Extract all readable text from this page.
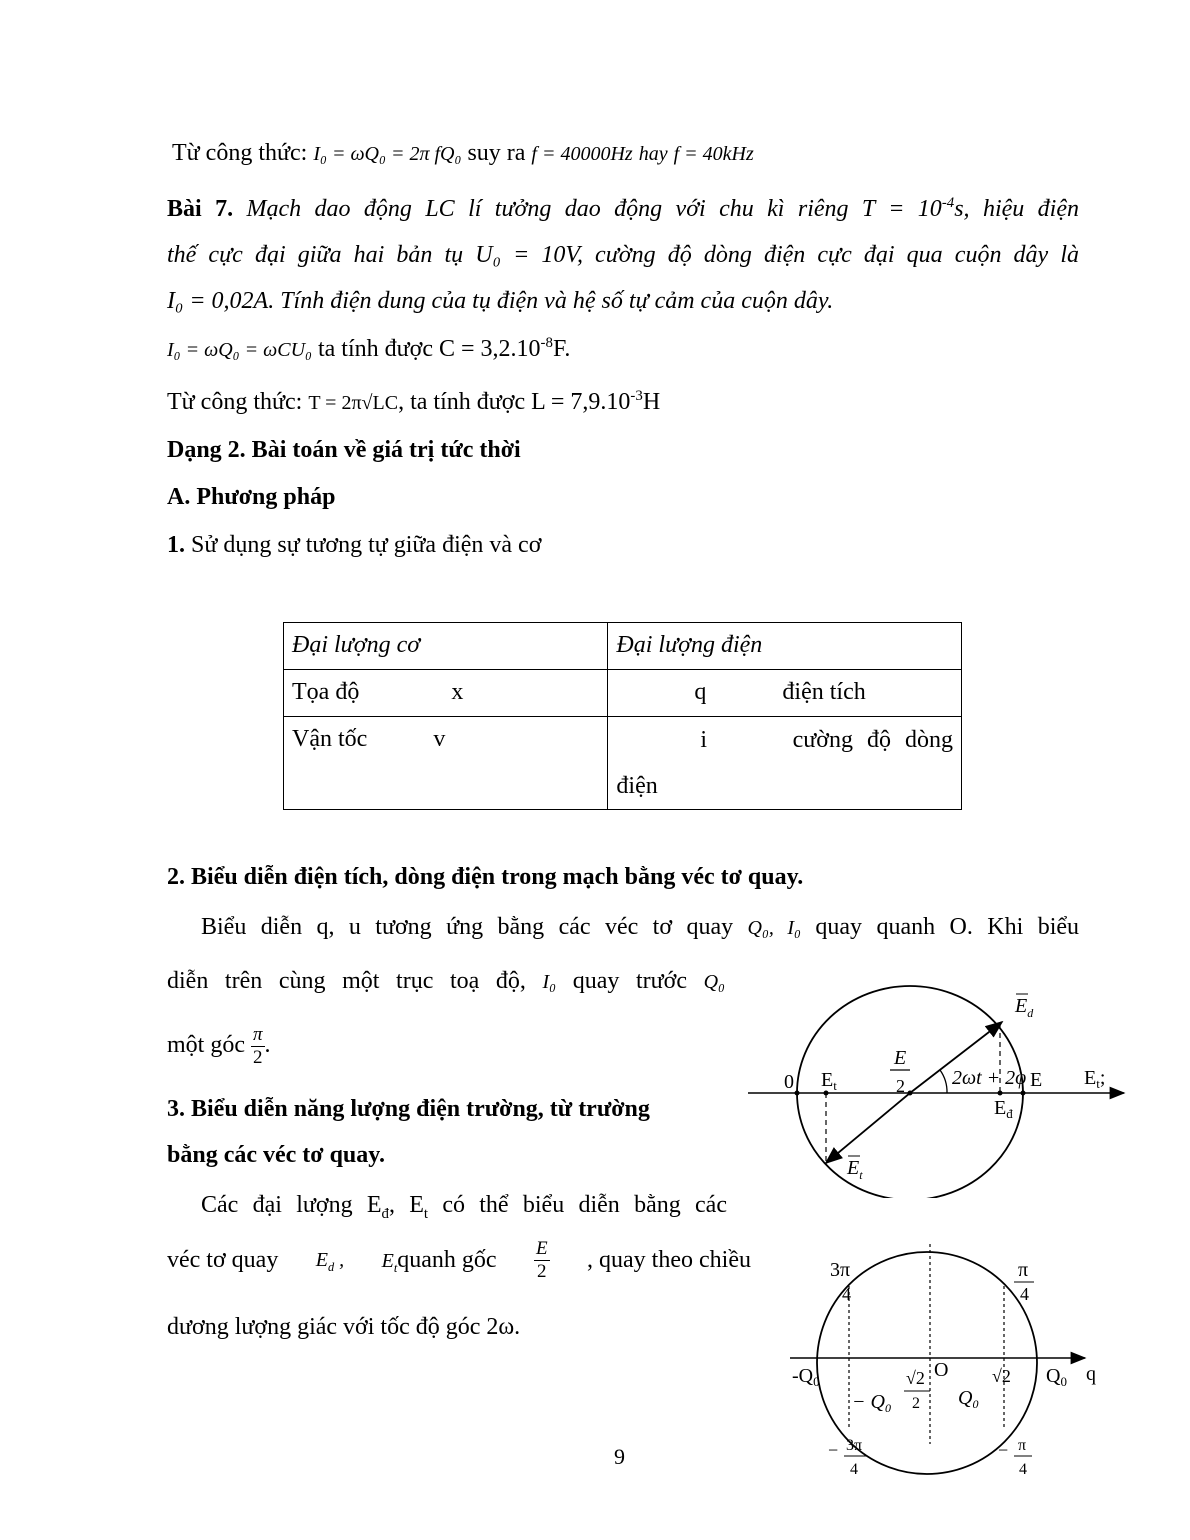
Từ công thức: I₀ = ωQ₀ = 2π fQ₀ suy ra f = 40000Hz hay f = 40kHz
Bài 7. Mạch dao động LC lí tưởng dao động với chu kì riêng $T = 10^{-4}s$, hiệu điện
thế cực đại giữa hai bản tụ U₀ = 10V, cường độ dòng điện cực đại qua cuộn dây là
I₀ = 0,02A. Tính điện dung của tụ điện và hệ số tự cảm của cuộn dây.
I₀ = ωQ₀ = ωCU₀ ta tính được $C = 3,2.10^{-8}F$.
Từ công thức: T = 2π√LC, ta tính được $L = 7,9.10^{-3}H$
Dạng 2. Bài toán về giá trị tức thời
A. Phương pháp
1. Sử dụng sự tương tự giữa điện và cơ
Đại lượng cơ	Đại lượng điện
Tọa độ x	q điện tích
Vận tốc v	i cường độ dòng
điện
2. Biểu diễn điện tích, dòng điện trong mạch bằng véc tơ quay.
Biểu diễn q, u tương ứng bằng các véc tơ quay Q₀, I₀ quay quanh O. Khi biểu
diễn trên cùng một trục toạ độ, I₀ quay trước Q₀
một góc $\frac{\pi}{2}$ .
3. Biểu diễn năng lượng điện trường, từ trường
bằng các véc tơ quay.
Các đại lượng $E_đ$, $E_t$ có thể biểu diễn bằng các
véc tơ quay $E_d$ , $E_tquanh$ gốc $\frac{E}{2}$ , quay theo chiều
dương lượng giác với tốc độ góc 2ω.
0 $E_t$
E
2 2ωt + 2φ E $E_t$;
$E_đ$
$E_d$
$E_t$
3π
4
π
4
$-Q_0$	$Q_0$ q
O
− $Q_0$
√2
2 $Q_0$
√2
− 3π
4
− π
4
9
